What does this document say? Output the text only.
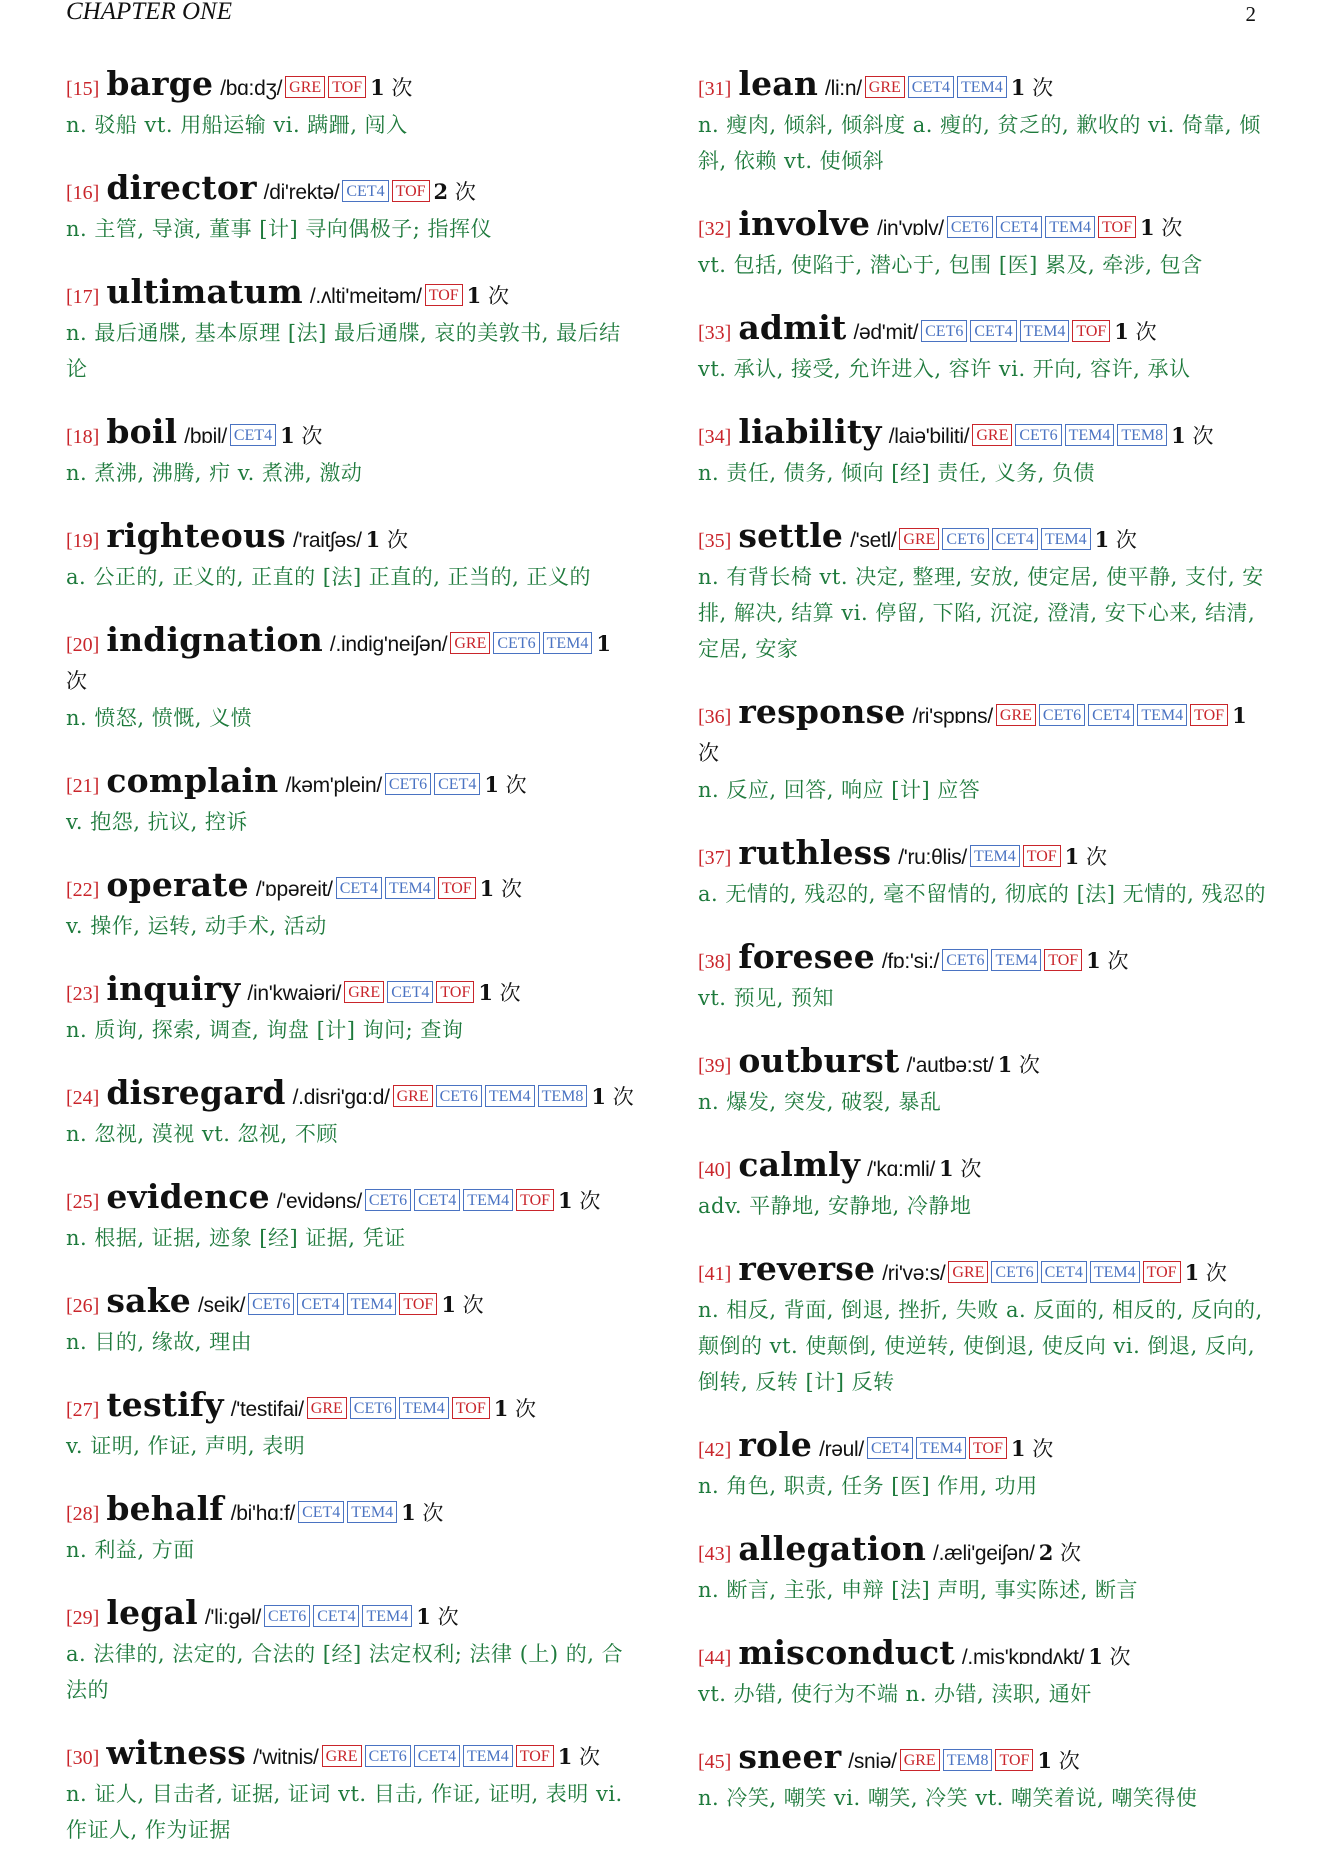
CHAPTER ONE	2
[15] barge /bɑ:dʒ/ GRE TOF 1 次
n. 驳船 vt. 用船运输 vi. 蹒跚, 闯入
[16] director /di'rektə/ CET4 TOF 2 次
n. 主管, 导演, 董事 [计] 寻向偶极子; 指挥仪
[17] ultimatum /.ʌlti'meitəm/ TOF 1 次
n. 最后通牒, 基本原理 [法] 最后通牒, 哀的美敦书, 最后结论
[18] boil /bɒil/ CET4 1 次
n. 煮沸, 沸腾, 疖 v. 煮沸, 激动
[19] righteous /'raitʃəs/ 1 次
a. 公正的, 正义的, 正直的 [法] 正直的, 正当的, 正义的
[20] indignation /.indig'neiʃən/ GRE CET6 TEM4 1 次
n. 愤怒, 愤慨, 义愤
[21] complain /kəm'plein/ CET6 CET4 1 次
v. 抱怨, 抗议, 控诉
[22] operate /'ɒpəreit/ CET4 TEM4 TOF 1 次
v. 操作, 运转, 动手术, 活动
[23] inquiry /in'kwaiəri/ GRE CET4 TOF 1 次
n. 质询, 探索, 调查, 询盘 [计] 询问; 查询
[24] disregard /.disri'gɑ:d/ GRE CET6 TEM4 TEM8 1 次
n. 忽视, 漠视 vt. 忽视, 不顾
[25] evidence /'evidəns/ CET6 CET4 TEM4 TOF 1 次
n. 根据, 证据, 迹象 [经] 证据, 凭证
[26] sake /seik/ CET6 CET4 TEM4 TOF 1 次
n. 目的, 缘故, 理由
[27] testify /'testifai/ GRE CET6 TEM4 TOF 1 次
v. 证明, 作证, 声明, 表明
[28] behalf /bi'hɑ:f/ CET4 TEM4 1 次
n. 利益, 方面
[29] legal /'li:gəl/ CET6 CET4 TEM4 1 次
a. 法律的, 法定的, 合法的 [经] 法定权利; 法律 (上) 的, 合法的
[30] witness /'witnis/ GRE CET6 CET4 TEM4 TOF 1 次
n. 证人, 目击者, 证据, 证词 vt. 目击, 作证, 证明, 表明 vi. 作证人, 作为证据
[31] lean /li:n/ GRE CET4 TEM4 1 次
n. 瘦肉, 倾斜, 倾斜度 a. 瘦的, 贫乏的, 歉收的 vi. 倚靠, 倾斜, 依赖 vt. 使倾斜
[32] involve /in'vɒlv/ CET6 CET4 TEM4 TOF 1 次
vt. 包括, 使陷于, 潜心于, 包围 [医] 累及, 牵涉, 包含
[33] admit /əd'mit/ CET6 CET4 TEM4 TOF 1 次
vt. 承认, 接受, 允许进入, 容许 vi. 开向, 容许, 承认
[34] liability /laiə'biliti/ GRE CET6 TEM4 TEM8 1 次
n. 责任, 债务, 倾向 [经] 责任, 义务, 负债
[35] settle /'setl/ GRE CET6 CET4 TEM4 1 次
n. 有背长椅 vt. 决定, 整理, 安放, 使定居, 使平静, 支付, 安排, 解决, 结算 vi. 停留, 下陷, 沉淀, 澄清, 安下心来, 结清, 定居, 安家
[36] response /ri'spɒns/ GRE CET6 CET4 TEM4 TOF 1 次
n. 反应, 回答, 响应 [计] 应答
[37] ruthless /'ru:θlis/ TEM4 TOF 1 次
a. 无情的, 残忍的, 毫不留情的, 彻底的 [法] 无情的, 残忍的
[38] foresee /fɒ:'si:/ CET6 TEM4 TOF 1 次
vt. 预见, 预知
[39] outburst /'autbə:st/ 1 次
n. 爆发, 突发, 破裂, 暴乱
[40] calmly /'kɑ:mli/ 1 次
adv. 平静地, 安静地, 冷静地
[41] reverse /ri'və:s/ GRE CET6 CET4 TEM4 TOF 1 次
n. 相反, 背面, 倒退, 挫折, 失败 a. 反面的, 相反的, 反向的, 颠倒的 vt. 使颠倒, 使逆转, 使倒退, 使反向 vi. 倒退, 反向, 倒转, 反转 [计] 反转
[42] role /rəul/ CET4 TEM4 TOF 1 次
n. 角色, 职责, 任务 [医] 作用, 功用
[43] allegation /.æli'geiʃən/ 2 次
n. 断言, 主张, 申辩 [法] 声明, 事实陈述, 断言
[44] misconduct /.mis'kɒndʌkt/ 1 次
vt. 办错, 使行为不端 n. 办错, 渎职, 通奸
[45] sneer /sniə/ GRE TEM8 TOF 1 次
n. 冷笑, 嘲笑 vi. 嘲笑, 冷笑 vt. 嘲笑着说, 嘲笑得使
